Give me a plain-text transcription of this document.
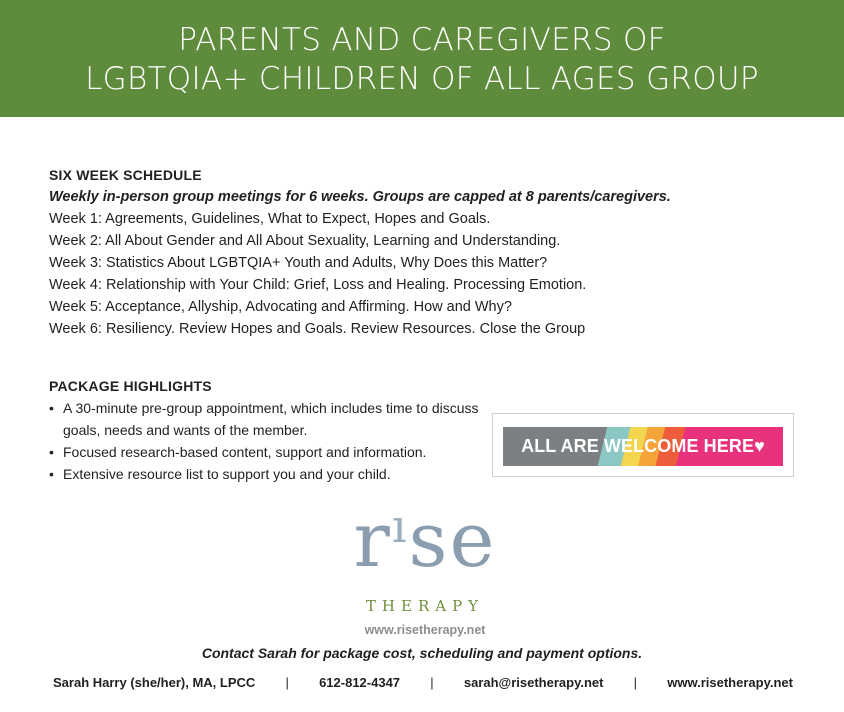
PARENTS AND CAREGIVERS OF
LGBTQIA+ CHILDREN OF ALL AGES GROUP
SIX WEEK SCHEDULE
Weekly in-person group meetings for 6 weeks. Groups are capped at 8 parents/caregivers.
Week 1: Agreements, Guidelines, What to Expect, Hopes and Goals.
Week 2: All About Gender and All About Sexuality, Learning and Understanding.
Week 3: Statistics About LGBTQIA+ Youth and Adults, Why Does this Matter?
Week 4: Relationship with Your Child: Grief, Loss and Healing. Processing Emotion.
Week 5: Acceptance, Allyship, Advocating and Affirming. How and Why?
Week 6: Resiliency. Review Hopes and Goals. Review Resources. Close the Group
PACKAGE HIGHLIGHTS
• A 30-minute pre-group appointment, which includes time to discuss goals, needs and wants of the member.
• Focused research-based content, support and information.
• Extensive resource list to support you and your child.
ALL ARE WELCOME HERE♥
$r^ıse$
THERAPY
www.risetherapy.net
Contact Sarah for package cost, scheduling and payment options.
Sarah Harry (she/her), MA, LPCC | 612-812-4347 | sarah@risetherapy.net | www.risetherapy.net
